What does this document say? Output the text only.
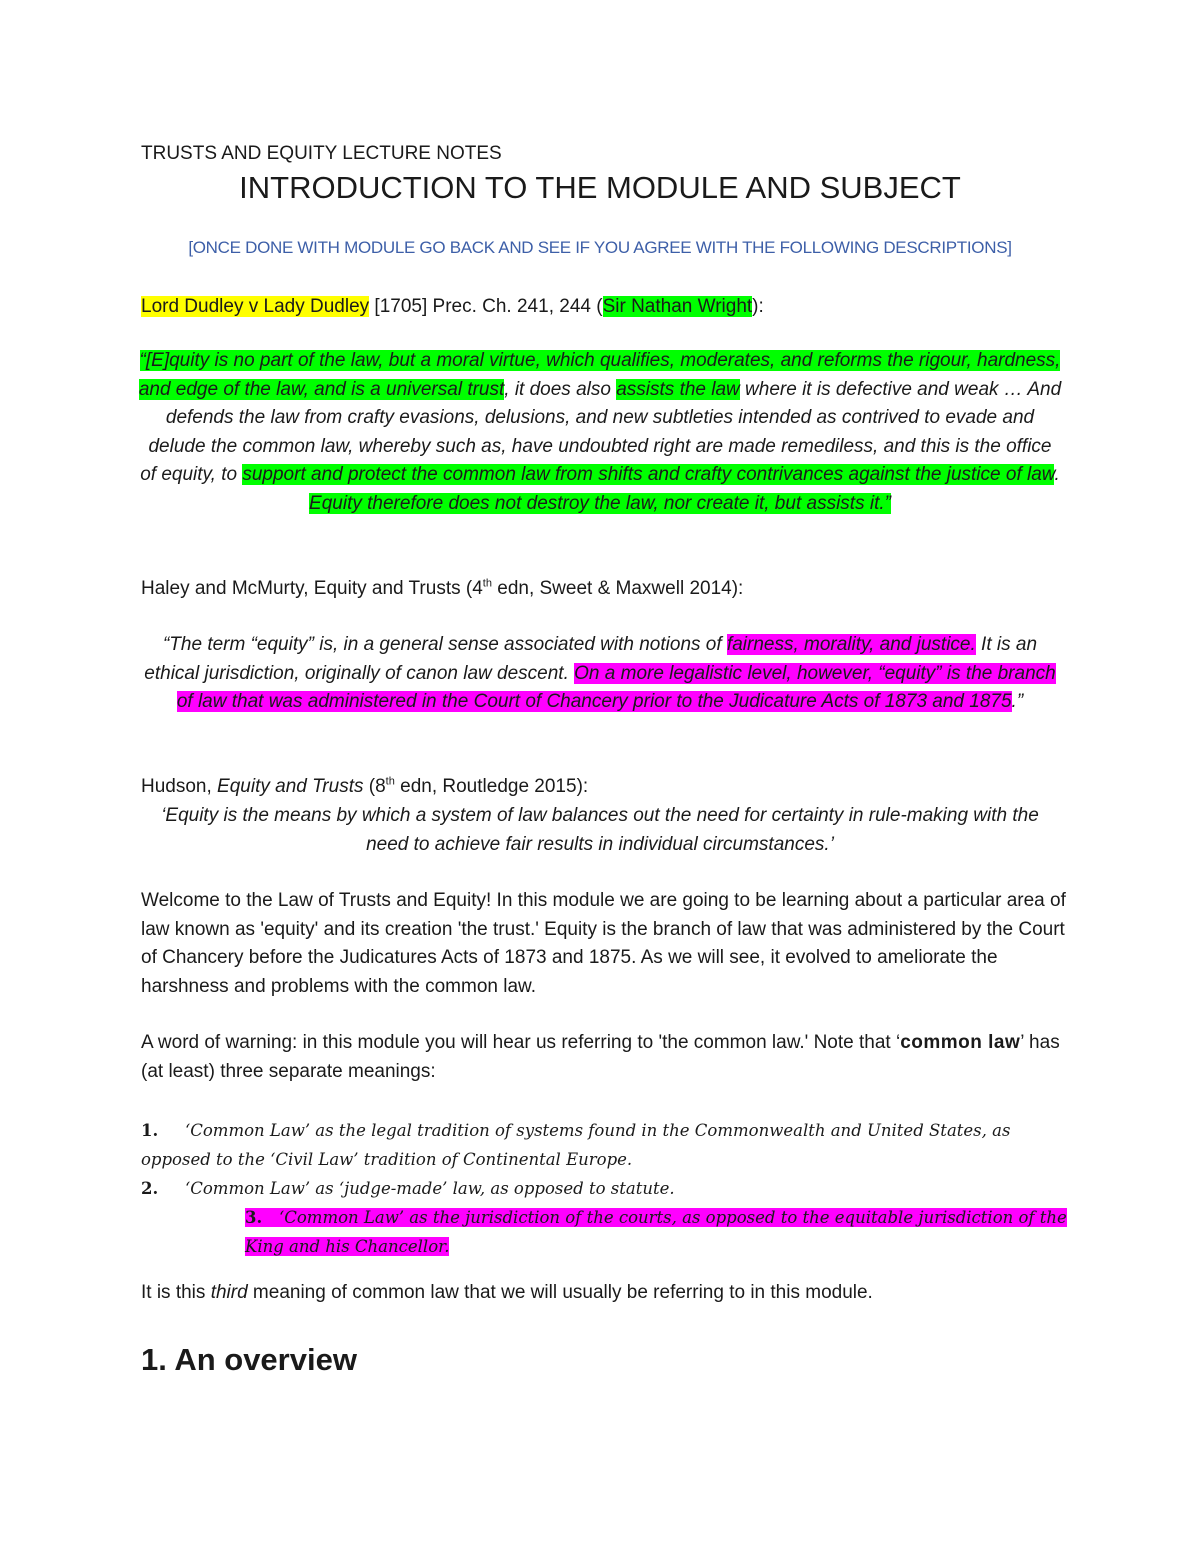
TRUSTS AND EQUITY LECTURE NOTES

INTRODUCTION TO THE MODULE AND SUBJECT

[ONCE DONE WITH MODULE GO BACK AND SEE IF YOU AGREE WITH THE FOLLOWING DESCRIPTIONS]

Lord Dudley v Lady Dudley [1705] Prec. Ch. 241, 244 (Sir Nathan Wright):

“[E]quity is no part of the law, but a moral virtue, which qualifies, moderates, and reforms the rigour, hardness, and edge of the law, and is a universal trust, it does also assists the law where it is defective and weak … And defends the law from crafty evasions, delusions, and new subtleties intended as contrived to evade and delude the common law, whereby such as, have undoubted right are made remediless, and this is the office of equity, to support and protect the common law from shifts and crafty contrivances against the justice of law. Equity therefore does not destroy the law, nor create it, but assists it.”

Haley and McMurty, Equity and Trusts (4th edn, Sweet & Maxwell 2014):

“The term “equity” is, in a general sense associated with notions of fairness, morality, and justice. It is an ethical jurisdiction, originally of canon law descent. On a more legalistic level, however, “equity” is the branch of law that was administered in the Court of Chancery prior to the Judicature Acts of 1873 and 1875.”

Hudson, Equity and Trusts (8th edn, Routledge 2015):

‘Equity is the means by which a system of law balances out the need for certainty in rule-making with the need to achieve fair results in individual circumstances.’

Welcome to the Law of Trusts and Equity! In this module we are going to be learning about a particular area of law known as 'equity' and its creation 'the trust.' Equity is the branch of law that was administered by the Court of Chancery before the Judicatures Acts of 1873 and 1875. As we will see, it evolved to ameliorate the harshness and problems with the common law.

A word of warning: in this module you will hear us referring to 'the common law.' Note that ‘common law’ has (at least) three separate meanings:

1. ‘Common Law’ as the legal tradition of systems found in the Commonwealth and United States, as opposed to the ‘Civil Law’ tradition of Continental Europe.
2. ‘Common Law’ as ‘judge-made’ law, as opposed to statute.
3. ‘Common Law’ as the jurisdiction of the courts, as opposed to the equitable jurisdiction of the King and his Chancellor.

It is this third meaning of common law that we will usually be referring to in this module.

1. An overview
